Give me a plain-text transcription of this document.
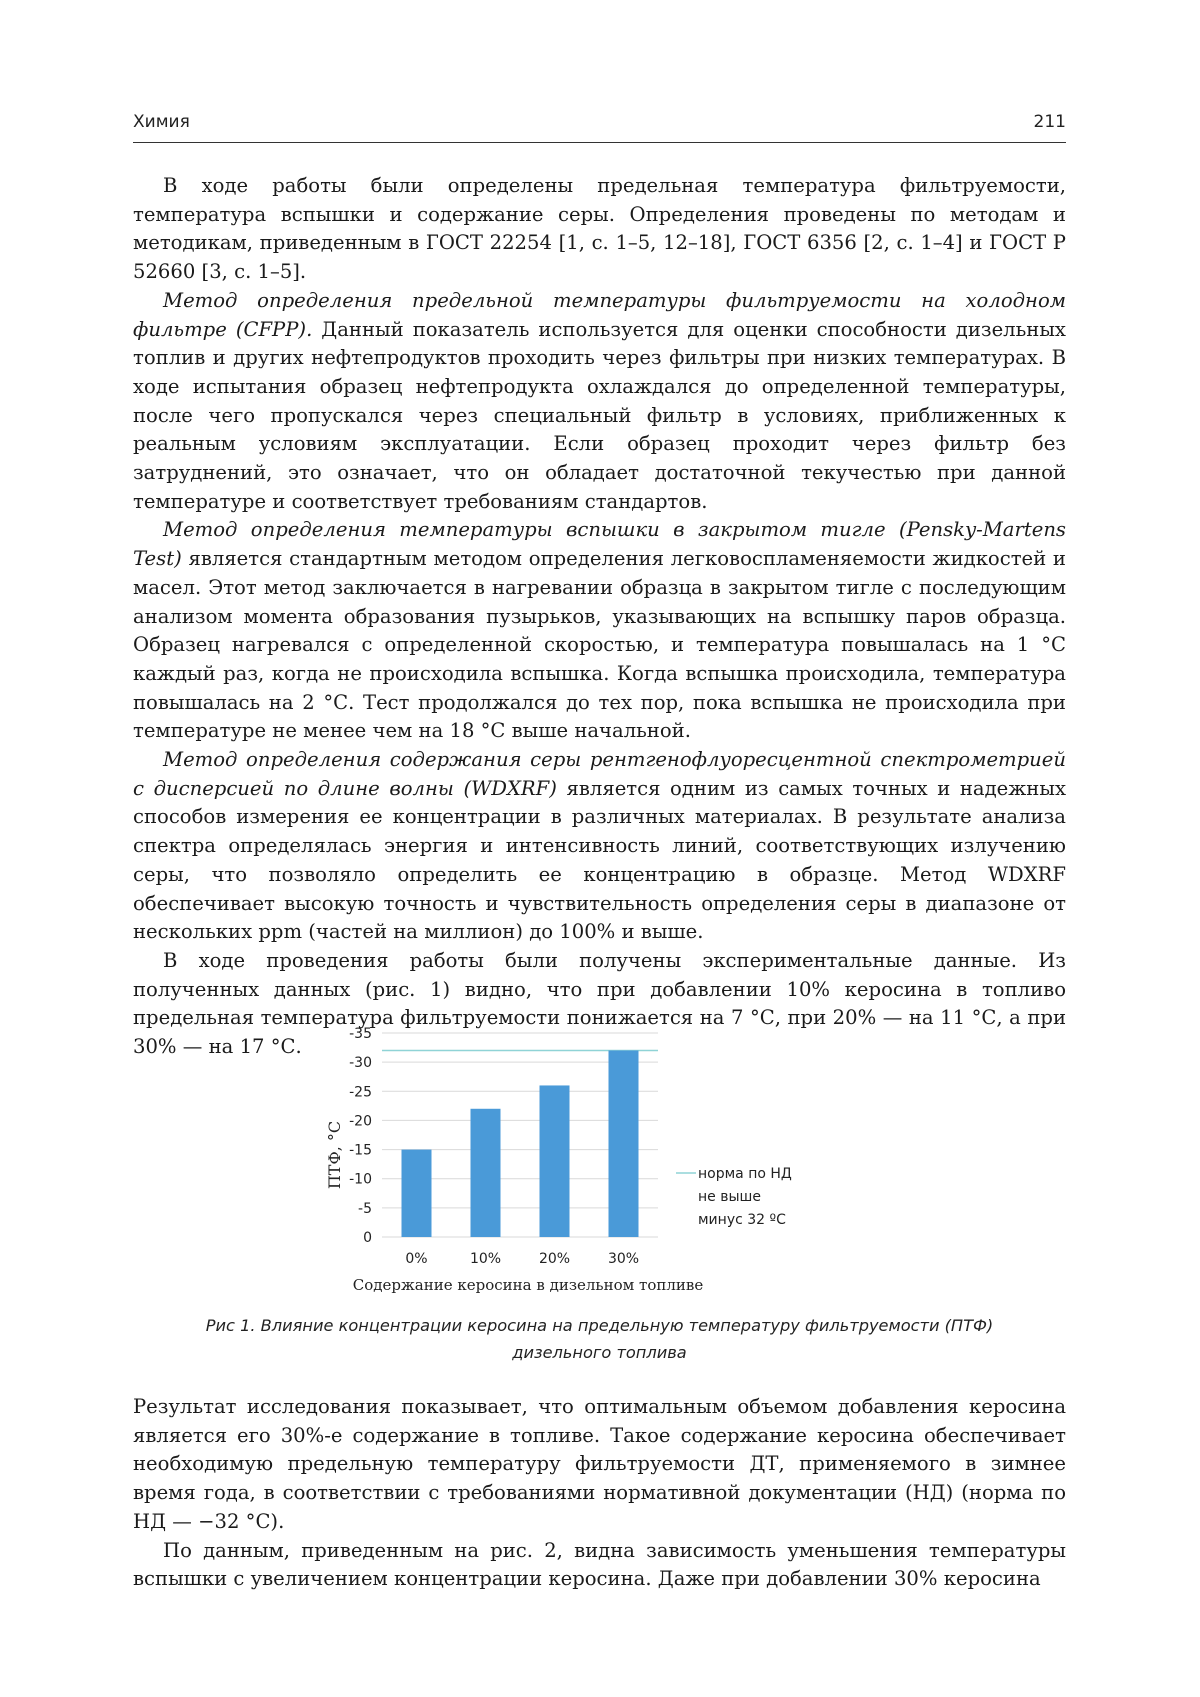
Химия	211

В ходе работы были определены предельная температура фильтруемости, температура вспышки и содержание серы. Определения проведены по методам и методикам, приведенным в ГОСТ 22254 [1, с. 1–5, 12–18], ГОСТ 6356 [2, с. 1–4] и ГОСТ Р 52660 [3, с. 1–5].

Метод определения предельной температуры фильтруемости на холодном фильтре (CFPP). Данный показатель используется для оценки способности дизельных топлив и других нефтепродуктов проходить через фильтры при низких температурах. В ходе испытания образец нефтепродукта охлаждался до определенной температуры, после чего пропускался через специальный фильтр в условиях, приближенных к реальным условиям эксплуатации. Если образец проходит через фильтр без затруднений, это означает, что он обладает достаточной текучестью при данной температуре и соответствует требованиям стандартов.

Метод определения температуры вспышки в закрытом тигле (Pensky-Martens Test) является стандартным методом определения легковоспламеняемости жидкостей и масел. Этот метод заключается в нагревании образца в закрытом тигле с последующим анализом момента образования пузырьков, указывающих на вспышку паров образца. Образец нагревался с определенной скоростью, и температура повышалась на 1 °С каждый раз, когда не происходила вспышка. Когда вспышка происходила, температура повышалась на 2 °С. Тест продолжался до тех пор, пока вспышка не происходила при температуре не менее чем на 18 °С выше начальной.

Метод определения содержания серы рентгенофлуоресцентной спектрометрией с дисперсией по длине волны (WDXRF) является одним из самых точных и надежных способов измерения ее концентрации в различных материалах. В результате анализа спектра определялась энергия и интенсивность линий, соответствующих излучению серы, что позволяло определить ее концентрацию в образце. Метод WDXRF обеспечивает высокую точность и чувствительность определения серы в диапазоне от нескольких ppm (частей на миллион) до 100% и выше.

В ходе проведения работы были получены экспериментальные данные. Из полученных данных (рис. 1) видно, что при добавлении 10% керосина в топливо предельная температура фильтруемости понижается на 7 °С, при 20% — на 11 °С, а при 30% — на 17 °С.

0
-5
-10
-15
-20
-25
-30
-35
0%	10%	20%	30%
ПТФ, °С
Содержание керосина в дизельном топливе
норма по НД
не выше
минус 32 ºС
Рис 1. Влияние концентрации керосина на предельную температуру фильтруемости (ПТФ)
дизельного топлива

Результат исследования показывает, что оптимальным объемом добавления керосина является его 30%-е содержание в топливе. Такое содержание керосина обеспечивает необходимую предельную температуру фильтруемости ДТ, применяемого в зимнее время года, в соответствии с требованиями нормативной документации (НД) (норма по НД — −32 °С).

По данным, приведенным на рис. 2, видна зависимость уменьшения температуры вспышки с увеличением концентрации керосина. Даже при добавлении 30% керосина
